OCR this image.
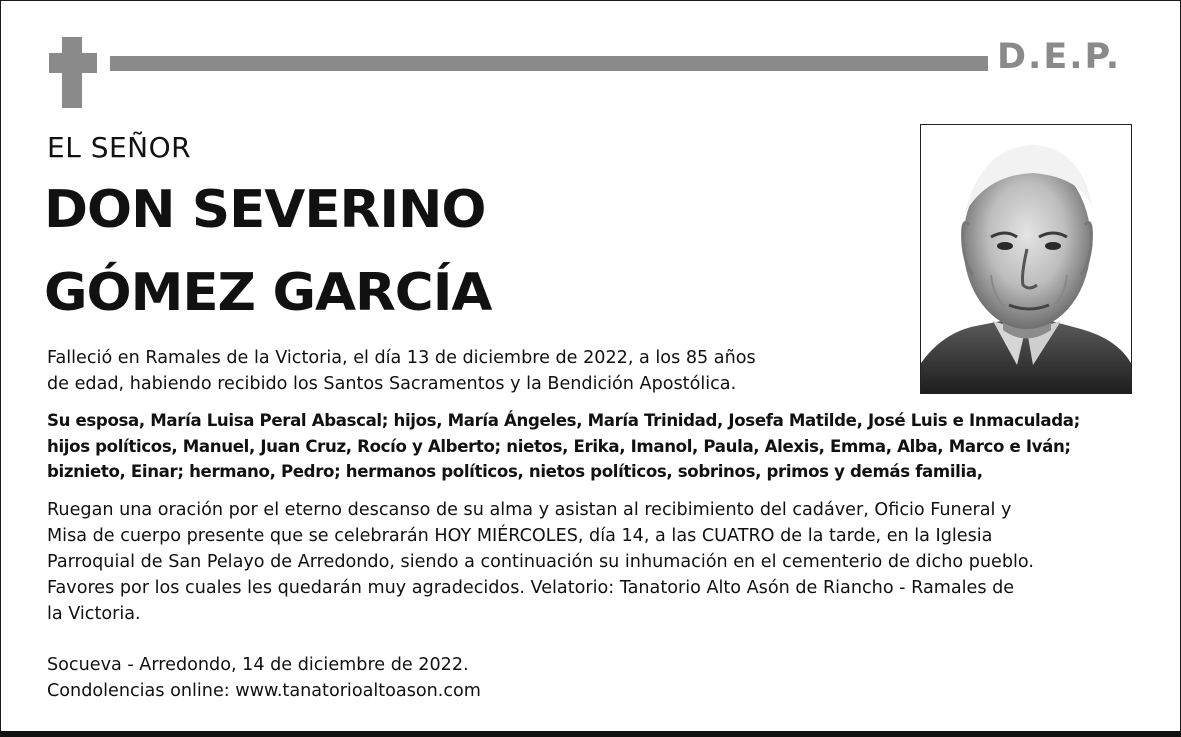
D.E.P.
EL SEÑOR
DON SEVERINO
GÓMEZ GARCÍA
Falleció en Ramales de la Victoria, el día 13 de diciembre de 2022, a los 85 años
de edad, habiendo recibido los Santos Sacramentos y la Bendición Apostólica.
Su esposa, María Luisa Peral Abascal; hijos, María Ángeles, María Trinidad, Josefa Matilde, José Luis e Inmaculada;
hijos políticos, Manuel, Juan Cruz, Rocío y Alberto; nietos, Erika, Imanol, Paula, Alexis, Emma, Alba, Marco e Iván;
biznieto, Einar; hermano, Pedro; hermanos políticos, nietos políticos, sobrinos, primos y demás familia,
Ruegan una oración por el eterno descanso de su alma y asistan al recibimiento del cadáver, Oficio Funeral y
Misa de cuerpo presente que se celebrarán HOY MIÉRCOLES, día 14, a las CUATRO de la tarde, en la Iglesia
Parroquial de San Pelayo de Arredondo, siendo a continuación su inhumación en el cementerio de dicho pueblo.
Favores por los cuales les quedarán muy agradecidos. Velatorio: Tanatorio Alto Asón de Riancho - Ramales de
la Victoria.
Socueva - Arredondo, 14 de diciembre de 2022.
Condolencias online: www.tanatorioaltoason.com
